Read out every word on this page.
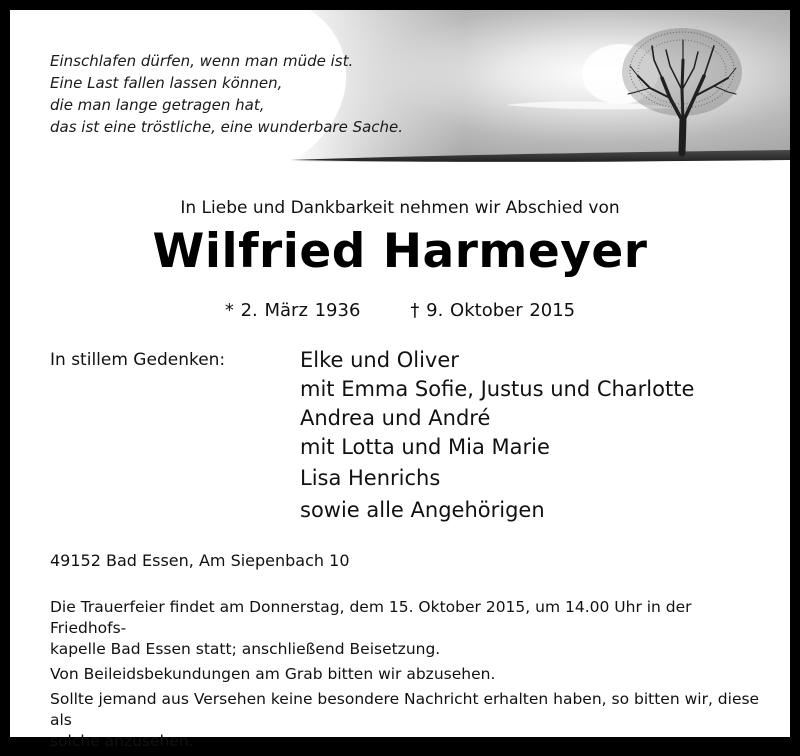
Einschlafen dürfen, wenn man müde ist.
Eine Last fallen lassen können,
die man lange getragen hat,
das ist eine tröstliche, eine wunderbare Sache.
In Liebe und Dankbarkeit nehmen wir Abschied von
Wilfried Harmeyer
* 2. März 1936	† 9. Oktober 2015
In stillem Gedenken:	Elke und Oliver
mit Emma Sofie, Justus und Charlotte
Andrea und André
mit Lotta und Mia Marie
Lisa Henrichs
sowie alle Angehörigen
49152 Bad Essen, Am Siepenbach 10

Die Trauerfeier findet am Donnerstag, dem 15. Oktober 2015, um 14.00 Uhr in der Friedhofs-
kapelle Bad Essen statt; anschließend Beisetzung.

Von Beileidsbekundungen am Grab bitten wir abzusehen.

Sollte jemand aus Versehen keine besondere Nachricht erhalten haben, so bitten wir, diese als
solche anzusehen.
